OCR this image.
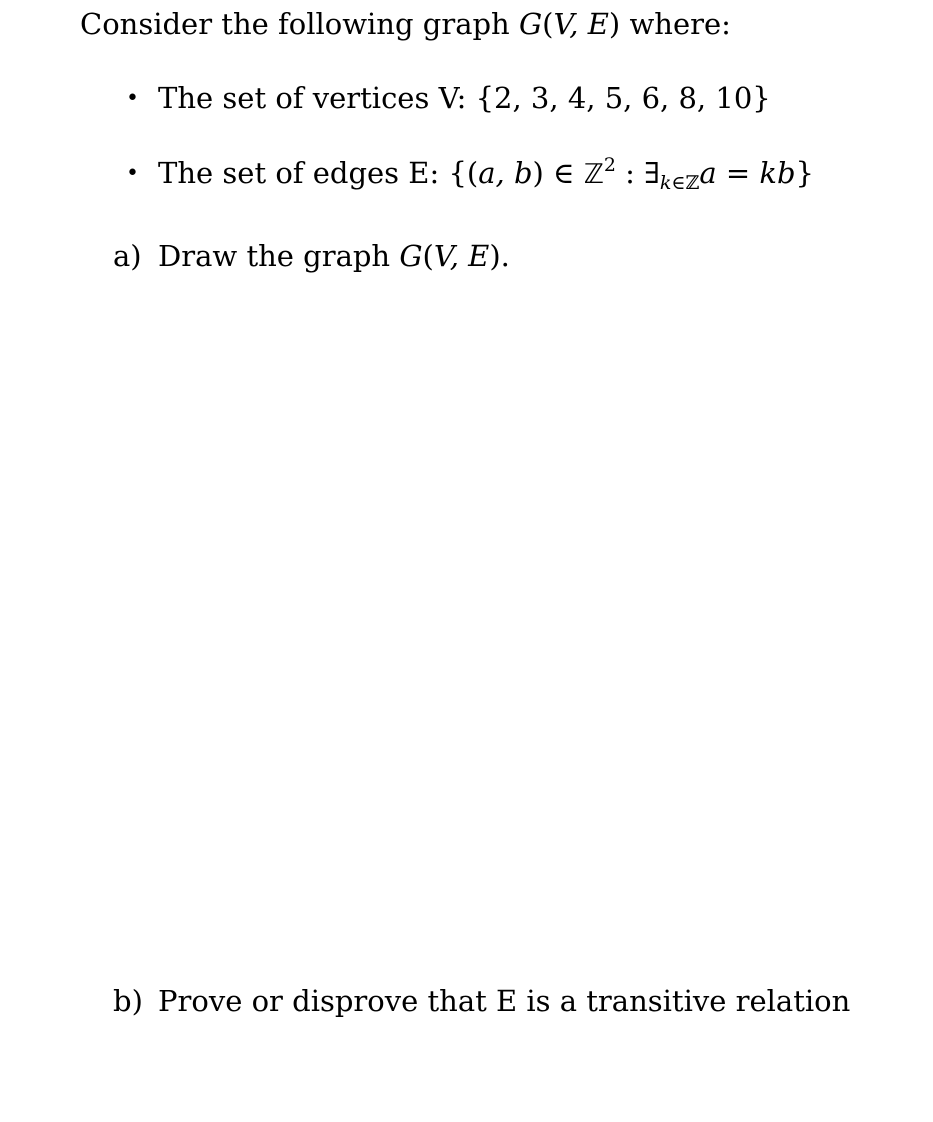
Consider the following graph G(V, E) where:
• The set of vertices V: {2, 3, 4, 5, 6, 8, 10}
• The set of edges E: {(a, b) ∈ ℤ$^2$ : $\exists_{k\in ℤ}a = kb$}
a) Draw the graph G(V, E).
b) Prove or disprove that E is a transitive relation
